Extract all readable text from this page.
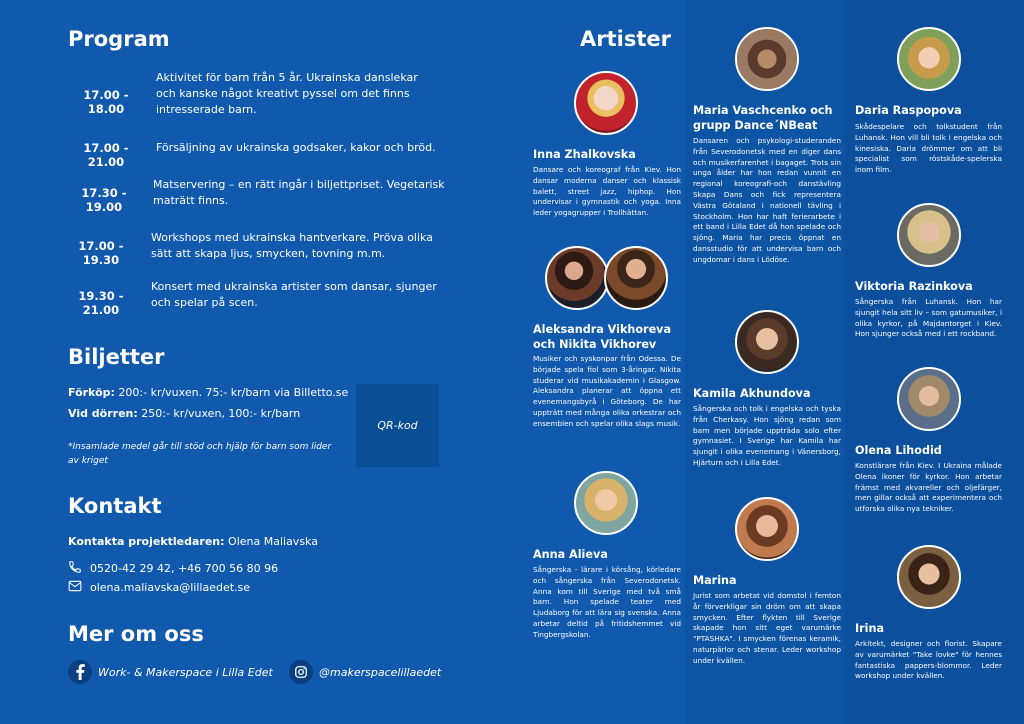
Program
17.00 - 18.00
Aktivitet för barn från 5 år. Ukrainska danslekar och kanske något kreativt pyssel om det finns intresserade barn.
17.00 - 21.00
Försäljning av ukrainska godsaker, kakor och bröd.
17.30 - 19.00
Matservering – en rätt ingår i biljettpriset. Vegetarisk maträtt finns.
17.00 - 19.30
Workshops med ukrainska hantverkare. Pröva olika sätt att skapa ljus, smycken, tovning m.m.
19.30 - 21.00
Konsert med ukrainska artister som dansar, sjunger och spelar på scen.
Biljetter
Förköp: 200:- kr/vuxen. 75:- kr/barn via Billetto.se
Vid dörren: 250:- kr/vuxen, 100:- kr/barn
*Insamlade medel går till stöd och hjälp för barn som lider av kriget
QR-kod
Kontakt
Kontakta projektledaren: Olena Maliavska
0520-42 29 42, +46 700 56 80 96
olena.maliavska@lillaedet.se
Mer om oss
Work- & Makerspace i Lilla Edet	@makerspacelillaedet
Artister
Inna Zhalkovska
Dansare och koreograf från Kiev. Hon dansar moderna danser och klassisk balett, street jazz, hiphop. Hon undervisar i gymnastik och yoga. Inna leder yogagrupper i Trollhättan.
Aleksandra Vikhoreva och Nikita Vikhorev
Musiker och syskonpar från Odessa. De började spela fiol som 3-åringar. Nikita studerar vid musikakademin i Glasgow. Aleksandra planerar att öppna ett evenemangsbyrå i Göteborg. De har uppträtt med många olika orkestrar och ensemblen och spelar olika slags musik.
Anna Alieva
Sångerska - lärare i körsång, körledare och sångerska från Severodonetsk. Anna kom till Sverige med två små barn. Hon spelade teater med Ljudaborg för att lära sig svenska. Anna arbetar deltid på fritidshemmet vid Tingbergskolan.
Maria Vaschcenko och grupp Dance´NBeat
Dansaren och psykologi-studeranden från Severodonetsk med en diger dans och musikerfarenhet i bagaget. Trots sin unga ålder har hon redan vunnit en regional koreografi-och danstävling Skapa Dans och fick representera Västra Götaland i nationell tävling i Stockholm. Hon har haft ferierarbete i ett band i Lilla Edet då hon spelade och sjöng. Maria har precis öppnat en dansstudio för att undervisa barn och ungdomar i dans i Lödöse.
Kamila Akhundova
Sångerska och tolk i engelska och tyska från Cherkasy. Hon sjöng redan som barn men började uppträda solo efter gymnasiet. I Sverige har Kamila har sjungit i olika evenemang i Vänersborg, Hjärturn och i Lilla Edet.
Marina
Jurist som arbetat vid domstol i femton år förverkligar sin dröm om att skapa smycken. Efter flykten till Sverige skapade hon sitt eget varumärke "PTASHKA". I smycken förenas keramik, naturpärlor och stenar. Leder workshop under kvällen.
Daria Raspopova
Skådespelare och tolkstudent från Luhansk. Hon vill bli tolk i engelska och kinesiska. Daria drömmer om att bli specialist som röstskåde-spelerska inom film.
Viktoria Razinkova
Sångerska från Luhansk. Hon har sjungit hela sitt liv – som gatumusiker, i olika kyrkor, på Majdantorget i Kiev. Hon sjunger också med i ett rockband.
Olena Lihodid
Konstlärare från Kiev. I Ukraina målade Olena ikoner för kyrkor. Hon arbetar främst med akvareller och oljefärger, men gillar också att experimentera och utforska olika nya tekniker.
Irina
Arkitekt, designer och florist. Skapare av varumärket "Take lovke" för hennes fantastiska pappers-blommor. Leder workshop under kvällen.
